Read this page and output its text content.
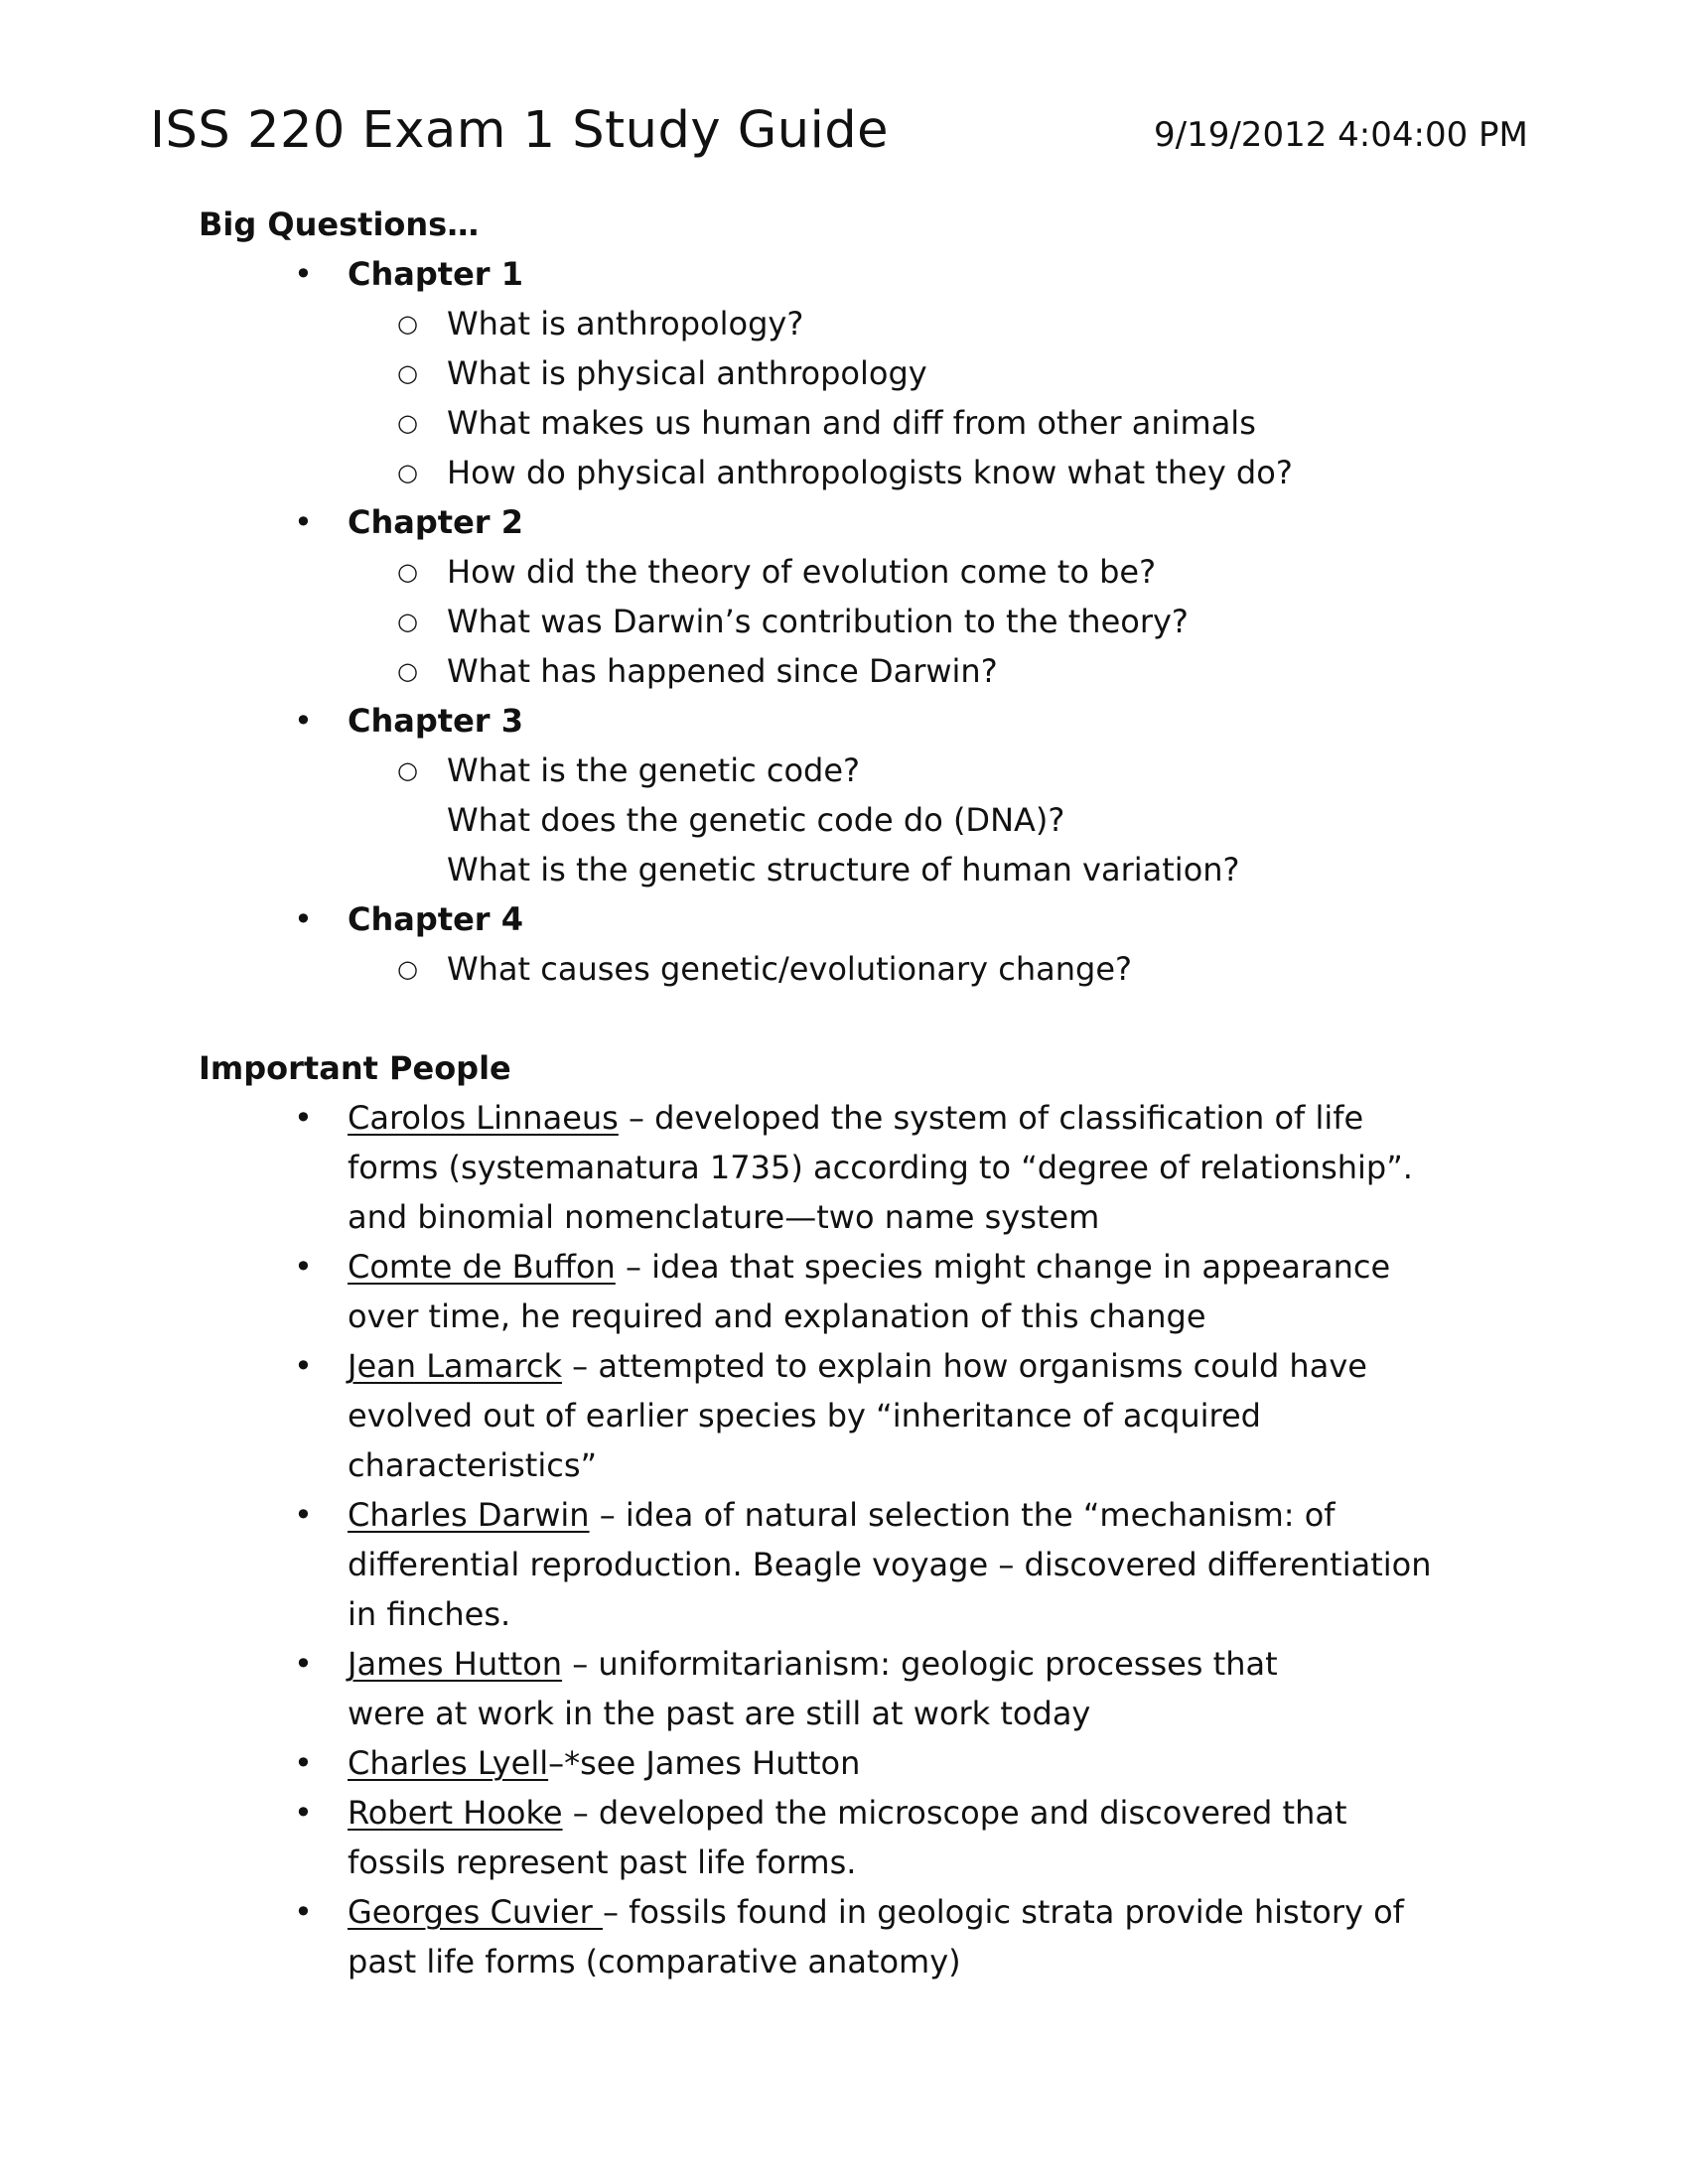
ISS 220 Exam 1 Study Guide	9/19/2012 4:04:00 PM
Big Questions…
• Chapter 1
○ What is anthropology?
○ What is physical anthropology
○ What makes us human and diff from other animals
○ How do physical anthropologists know what they do?
• Chapter 2
○ How did the theory of evolution come to be?
○ What was Darwin’s contribution to the theory?
○ What has happened since Darwin?
• Chapter 3
○ What is the genetic code?
What does the genetic code do (DNA)?
What is the genetic structure of human variation?
• Chapter 4
○ What causes genetic/evolutionary change?
Important People
• Carolos Linnaeus – developed the system of classification of life
forms (systemanatura 1735) according to “degree of relationship”.
and binomial nomenclature—two name system
• Comte de Buffon – idea that species might change in appearance
over time, he required and explanation of this change
• Jean Lamarck – attempted to explain how organisms could have
evolved out of earlier species by “inheritance of acquired
characteristics”
• Charles Darwin – idea of natural selection the “mechanism: of
differential reproduction. Beagle voyage – discovered differentiation
in finches.
• James Hutton – uniformitarianism: geologic processes that
were at work in the past are still at work today
• Charles Lyell–*see James Hutton
• Robert Hooke – developed the microscope and discovered that
fossils represent past life forms.
• Georges Cuvier – fossils found in geologic strata provide history of
past life forms (comparative anatomy)
